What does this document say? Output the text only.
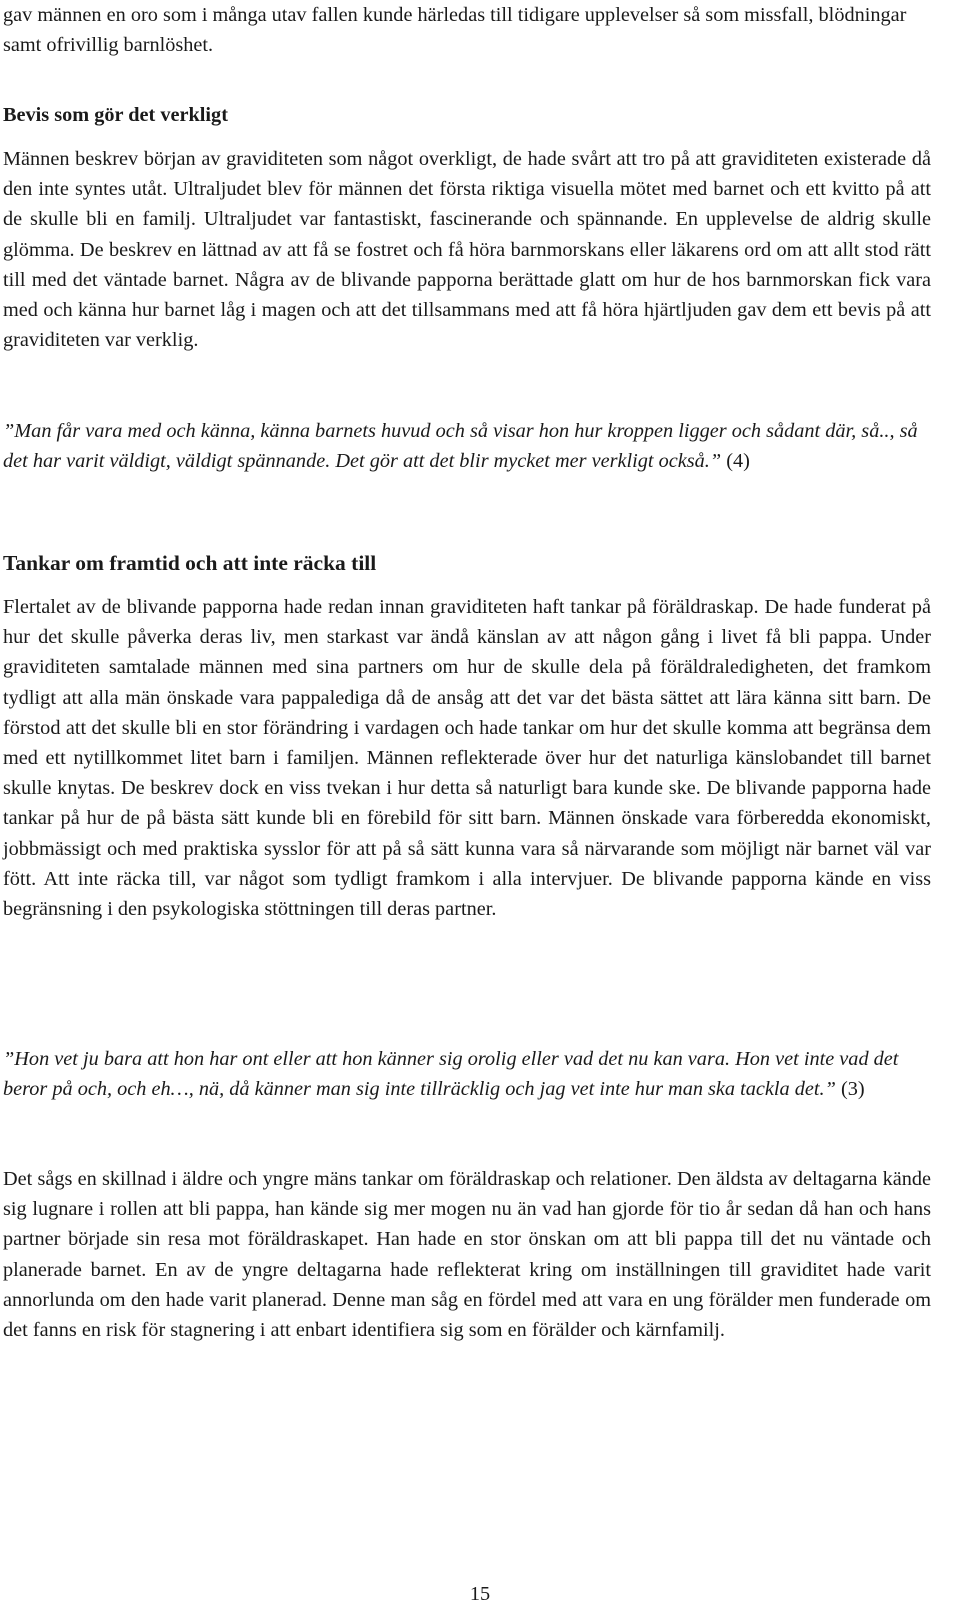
gav männen en oro som i många utav fallen kunde härledas till tidigare upplevelser så som missfall, blödningar samt ofrivillig barnlöshet.

Bevis som gör det verkligt

Männen beskrev början av graviditeten som något overkligt, de hade svårt att tro på att graviditeten existerade då den inte syntes utåt. Ultraljudet blev för männen det första riktiga visuella mötet med barnet och ett kvitto på att de skulle bli en familj. Ultraljudet var fantastiskt, fascinerande och spännande. En upplevelse de aldrig skulle glömma. De beskrev en lättnad av att få se fostret och få höra barnmorskans eller läkarens ord om att allt stod rätt till med det väntade barnet. Några av de blivande papporna berättade glatt om hur de hos barnmorskan fick vara med och känna hur barnet låg i magen och att det tillsammans med att få höra hjärtljuden gav dem ett bevis på att graviditeten var verklig.

”Man får vara med och känna, känna barnets huvud och så visar hon hur kroppen ligger och sådant där, så.., så det har varit väldigt, väldigt spännande. Det gör att det blir mycket mer verkligt också.” (4)

Tankar om framtid och att inte räcka till

Flertalet av de blivande papporna hade redan innan graviditeten haft tankar på föräldraskap. De hade funderat på hur det skulle påverka deras liv, men starkast var ändå känslan av att någon gång i livet få bli pappa. Under graviditeten samtalade männen med sina partners om hur de skulle dela på föräldraledigheten, det framkom tydligt att alla män önskade vara pappalediga då de ansåg att det var det bästa sättet att lära känna sitt barn. De förstod att det skulle bli en stor förändring i vardagen och hade tankar om hur det skulle komma att begränsa dem med ett nytillkommet litet barn i familjen. Männen reflekterade över hur det naturliga känslobandet till barnet skulle knytas. De beskrev dock en viss tvekan i hur detta så naturligt bara kunde ske. De blivande papporna hade tankar på hur de på bästa sätt kunde bli en förebild för sitt barn. Männen önskade vara förberedda ekonomiskt, jobbmässigt och med praktiska sysslor för att på så sätt kunna vara så närvarande som möjligt när barnet väl var fött. Att inte räcka till, var något som tydligt framkom i alla intervjuer. De blivande papporna kände en viss begränsning i den psykologiska stöttningen till deras partner.

”Hon vet ju bara att hon har ont eller att hon känner sig orolig eller vad det nu kan vara. Hon vet inte vad det beror på och, och eh…, nä, då känner man sig inte tillräcklig och jag vet inte hur man ska tackla det.” (3)

Det sågs en skillnad i äldre och yngre mäns tankar om föräldraskap och relationer. Den äldsta av deltagarna kände sig lugnare i rollen att bli pappa, han kände sig mer mogen nu än vad han gjorde för tio år sedan då han och hans partner började sin resa mot föräldraskapet. Han hade en stor önskan om att bli pappa till det nu väntade och planerade barnet. En av de yngre deltagarna hade reflekterat kring om inställningen till graviditet hade varit annorlunda om den hade varit planerad. Denne man såg en fördel med att vara en ung förälder men funderade om det fanns en risk för stagnering i att enbart identifiera sig som en förälder och kärnfamilj.

15
